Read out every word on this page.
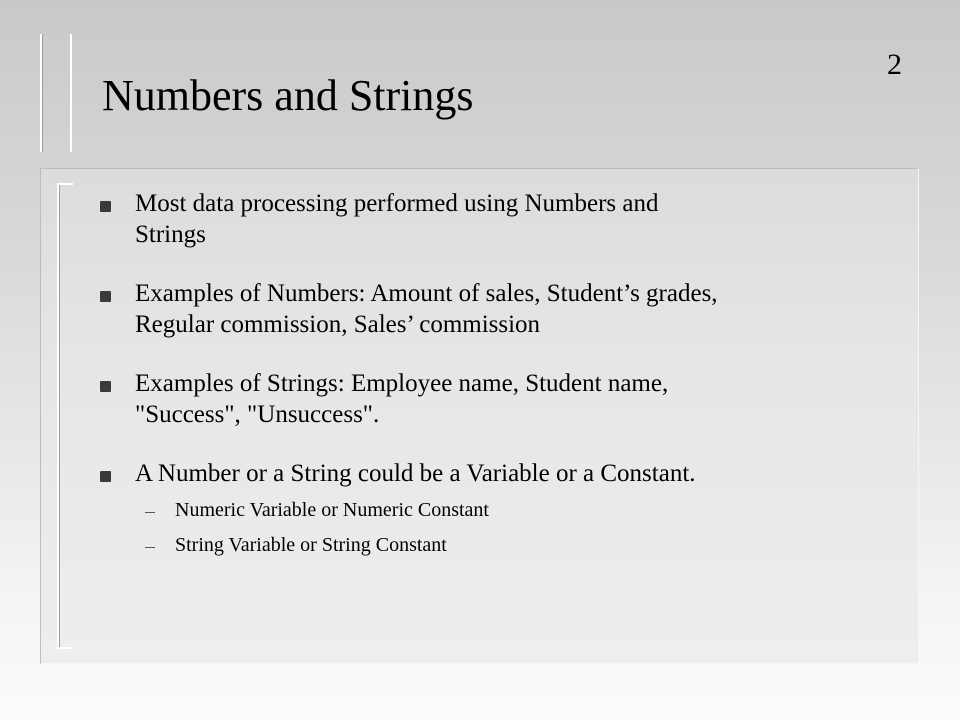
2
Numbers and Strings
Most data processing performed using Numbers and
Strings
Examples of Numbers: Amount of sales, Student’s grades,
Regular commission, Sales’ commission
Examples of Strings: Employee name, Student name,
"Success", "Unsuccess".
A Number or a String could be a Variable or a Constant.
Numeric Variable or Numeric Constant
String Variable or String Constant
